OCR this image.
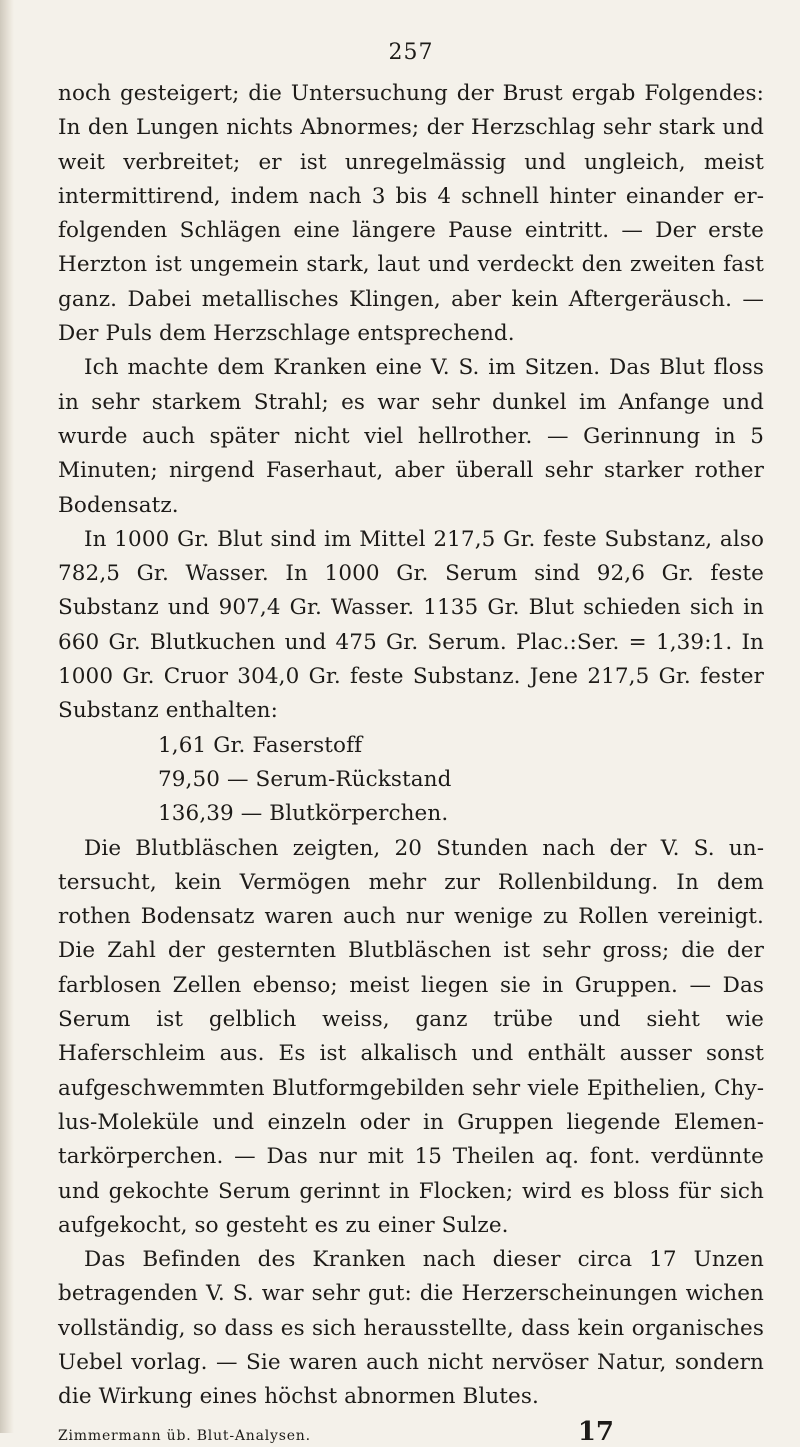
257

noch gesteigert; die Untersuchung der Brust ergab Folgendes: In den Lungen nichts Abnormes; der Herzschlag sehr stark und weit verbreitet; er ist unregelmässig und ungleich, meist intermittirend, indem nach 3 bis 4 schnell hinter einander erfolgenden Schlägen eine längere Pause eintritt. — Der erste Herzton ist ungemein stark, laut und verdeckt den zweiten fast ganz. Dabei metallisches Klingen, aber kein Aftergeräusch. — Der Puls dem Herzschlage entsprechend.

Ich machte dem Kranken eine V. S. im Sitzen. Das Blut floss in sehr starkem Strahl; es war sehr dunkel im Anfange und wurde auch später nicht viel hellrother. — Gerinnung in 5 Minuten; nirgend Faserhaut, aber überall sehr starker rother Bodensatz.

In 1000 Gr. Blut sind im Mittel 217,5 Gr. feste Substanz, also 782,5 Gr. Wasser. In 1000 Gr. Serum sind 92,6 Gr. feste Substanz und 907,4 Gr. Wasser. 1135 Gr. Blut schieden sich in 660 Gr. Blutkuchen und 475 Gr. Serum. Plac.:Ser. = 1,39:1. In 1000 Gr. Cruor 304,0 Gr. feste Substanz. Jene 217,5 Gr. fester Substanz enthalten:

1,61 Gr. Faserstoff
79,50 — Serum-Rückstand
136,39 — Blutkörperchen.

Die Blutbläschen zeigten, 20 Stunden nach der V. S. untersucht, kein Vermögen mehr zur Rollenbildung. In dem rothen Bodensatz waren auch nur wenige zu Rollen vereinigt. Die Zahl der gesternten Blutbläschen ist sehr gross; die der farblosen Zellen ebenso; meist liegen sie in Gruppen. — Das Serum ist gelblich weiss, ganz trübe und sieht wie Haferschleim aus. Es ist alkalisch und enthält ausser sonst aufgeschwemmten Blutformgebilden sehr viele Epithelien, Chylus-Moleküle und einzeln oder in Gruppen liegende Elementarkörperchen. — Das nur mit 15 Theilen aq. font. verdünnte und gekochte Serum gerinnt in Flocken; wird es bloss für sich aufgekocht, so gesteht es zu einer Sulze.

Das Befinden des Kranken nach dieser circa 17 Unzen betragenden V. S. war sehr gut: die Herzerscheinungen wichen vollständig, so dass es sich herausstellte, dass kein organisches Uebel vorlag. — Sie waren auch nicht nervöser Natur, sondern die Wirkung eines höchst abnormen Blutes.

Zimmermann üb. Blut-Analysen.	17
